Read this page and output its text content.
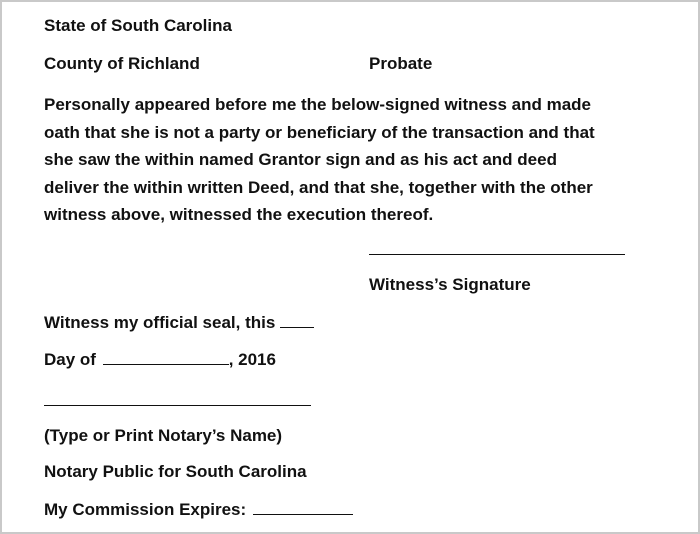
State of South Carolina
County of Richland	Probate
Personally appeared before me the below-signed witness and made
oath that she is not a party or beneficiary of the transaction and that
she saw the within named Grantor sign and as his act and deed
deliver the within written Deed, and that she, together with the other
witness above, witnessed the execution thereof.
Witness’s Signature
Witness my official seal, this
Day of	, 2016
(Type or Print Notary’s Name)
Notary Public for South Carolina
My Commission Expires:
